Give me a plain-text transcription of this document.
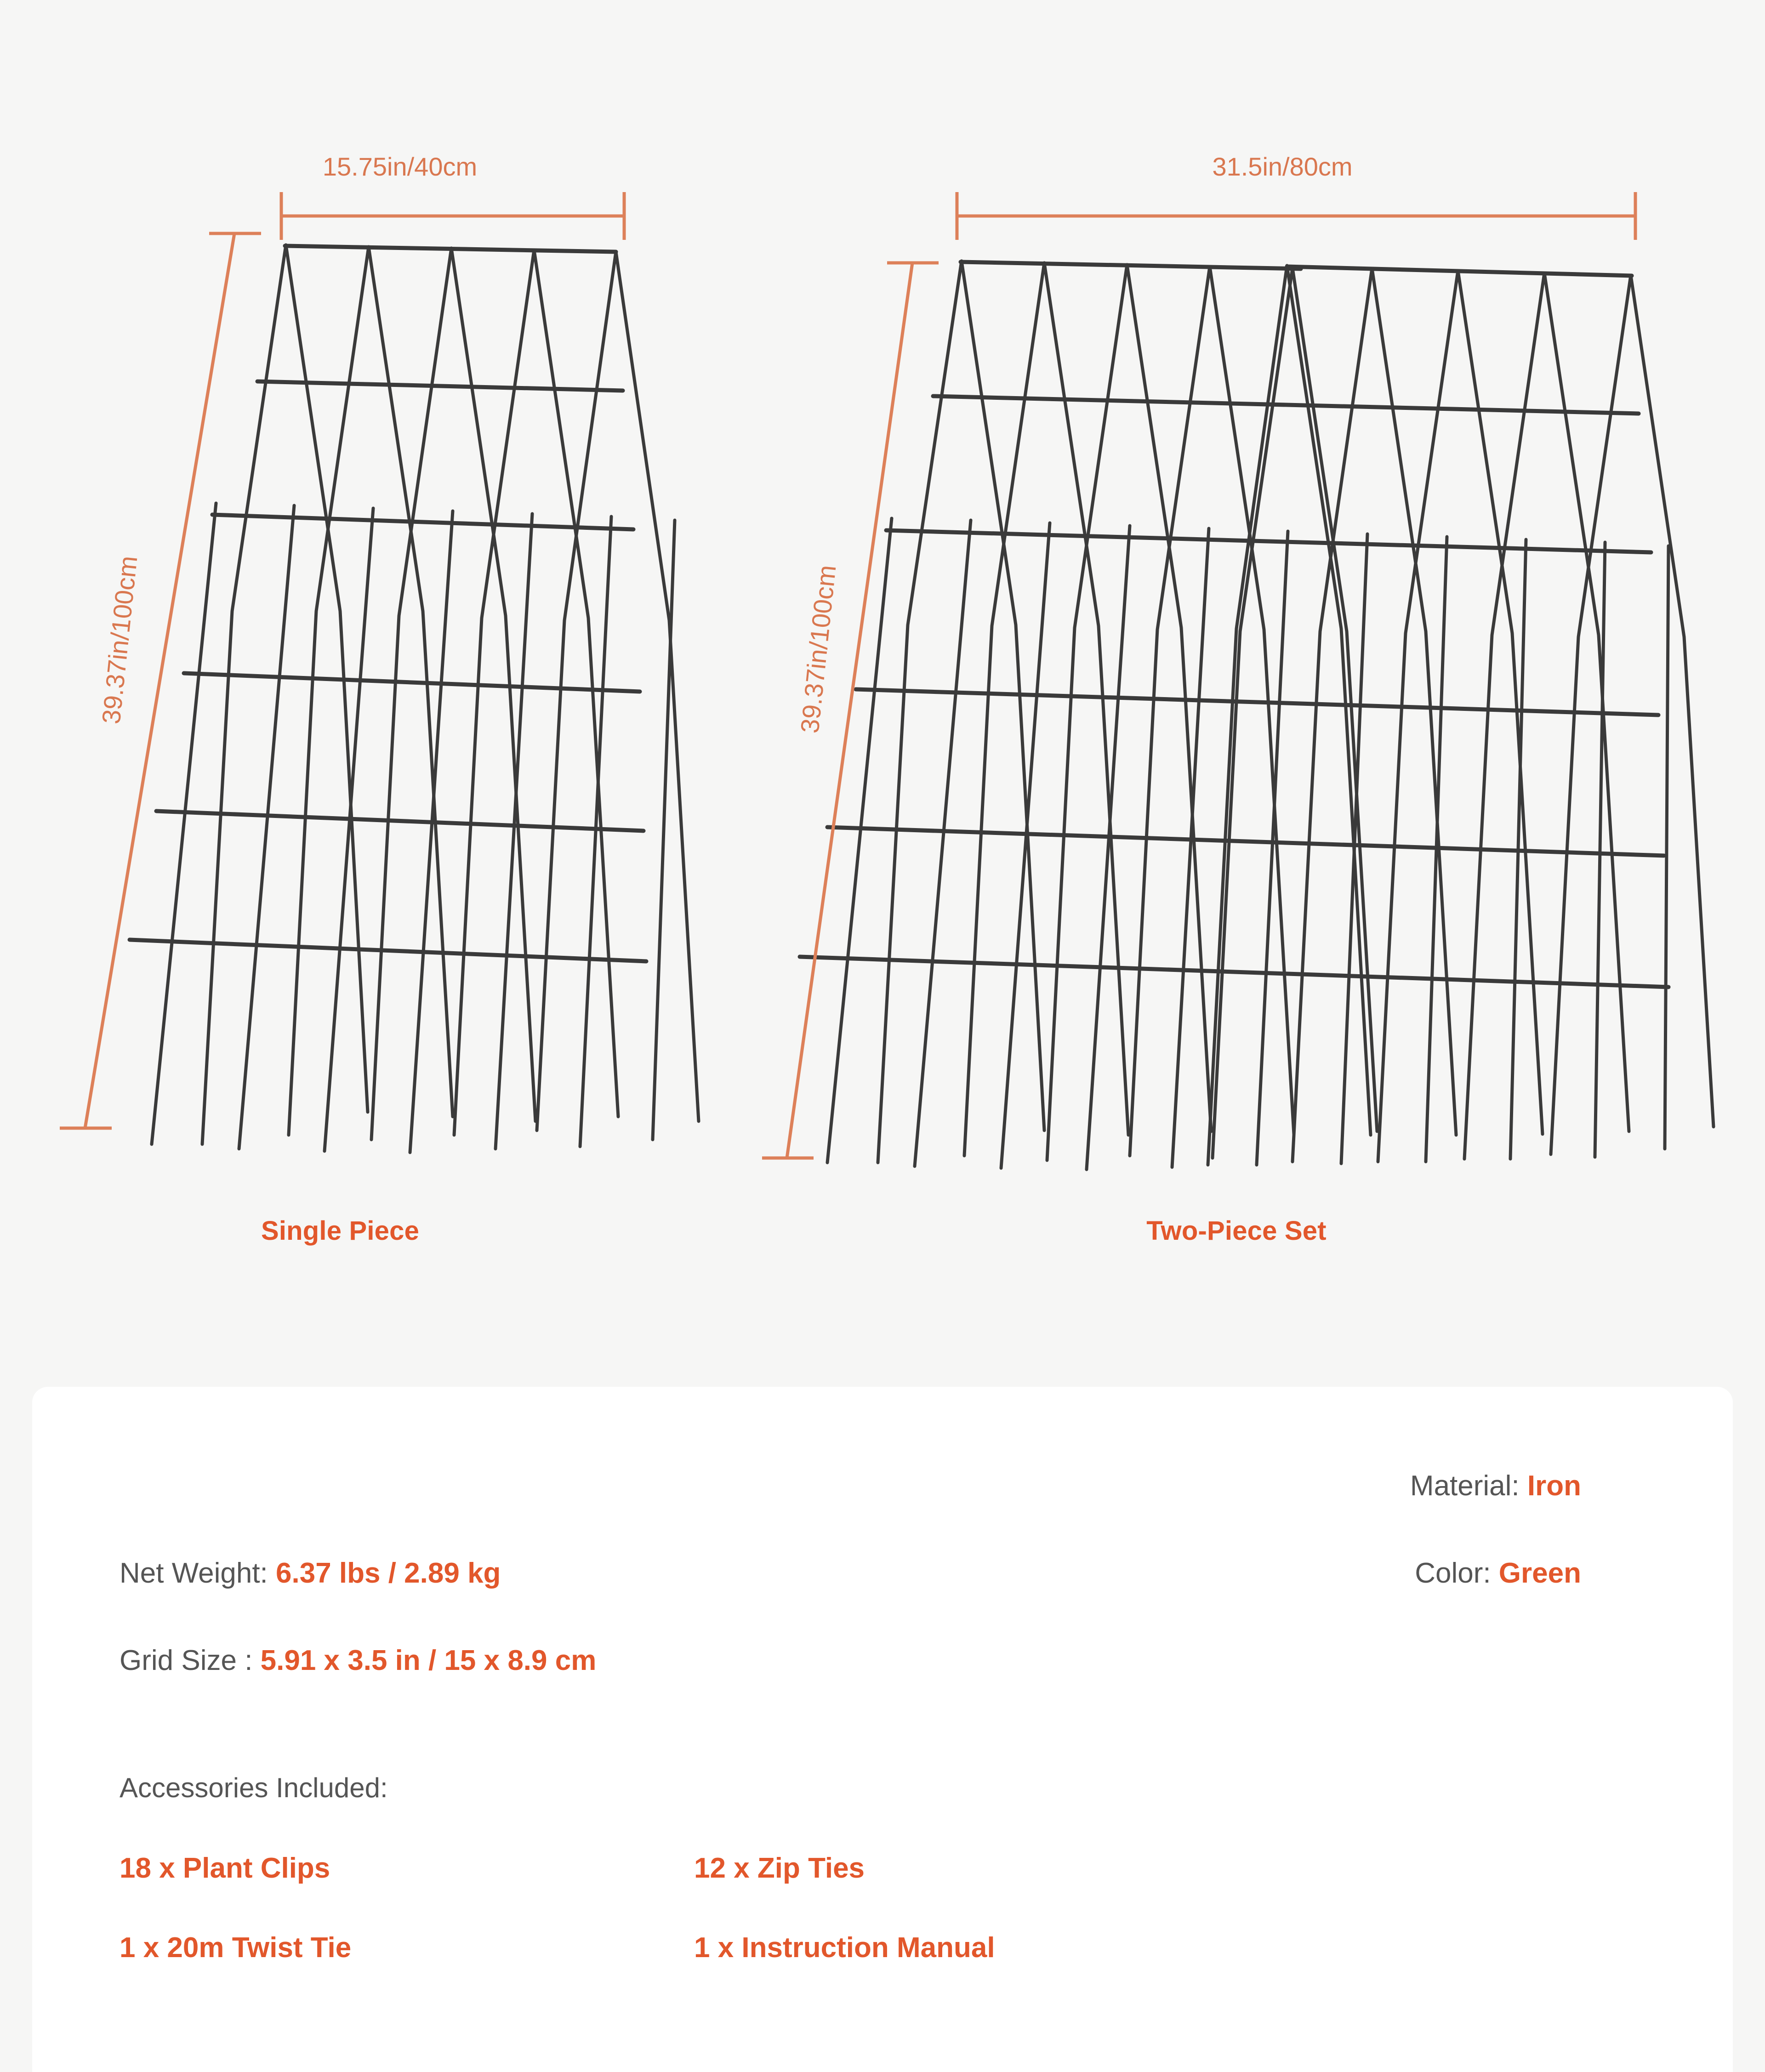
15.75in/40cm	31.5in/80cm
39.37in/100cm	39.37in/100cm
Single Piece	Two-Piece Set
Material: Iron
Color: Green
Net Weight: 6.37 lbs / 2.89 kg
Grid Size : 5.91 x 3.5 in / 15 x 8.9 cm
Accessories Included:
18 x Plant Clips	12 x Zip Ties
1 x 20m Twist Tie	1 x Instruction Manual
